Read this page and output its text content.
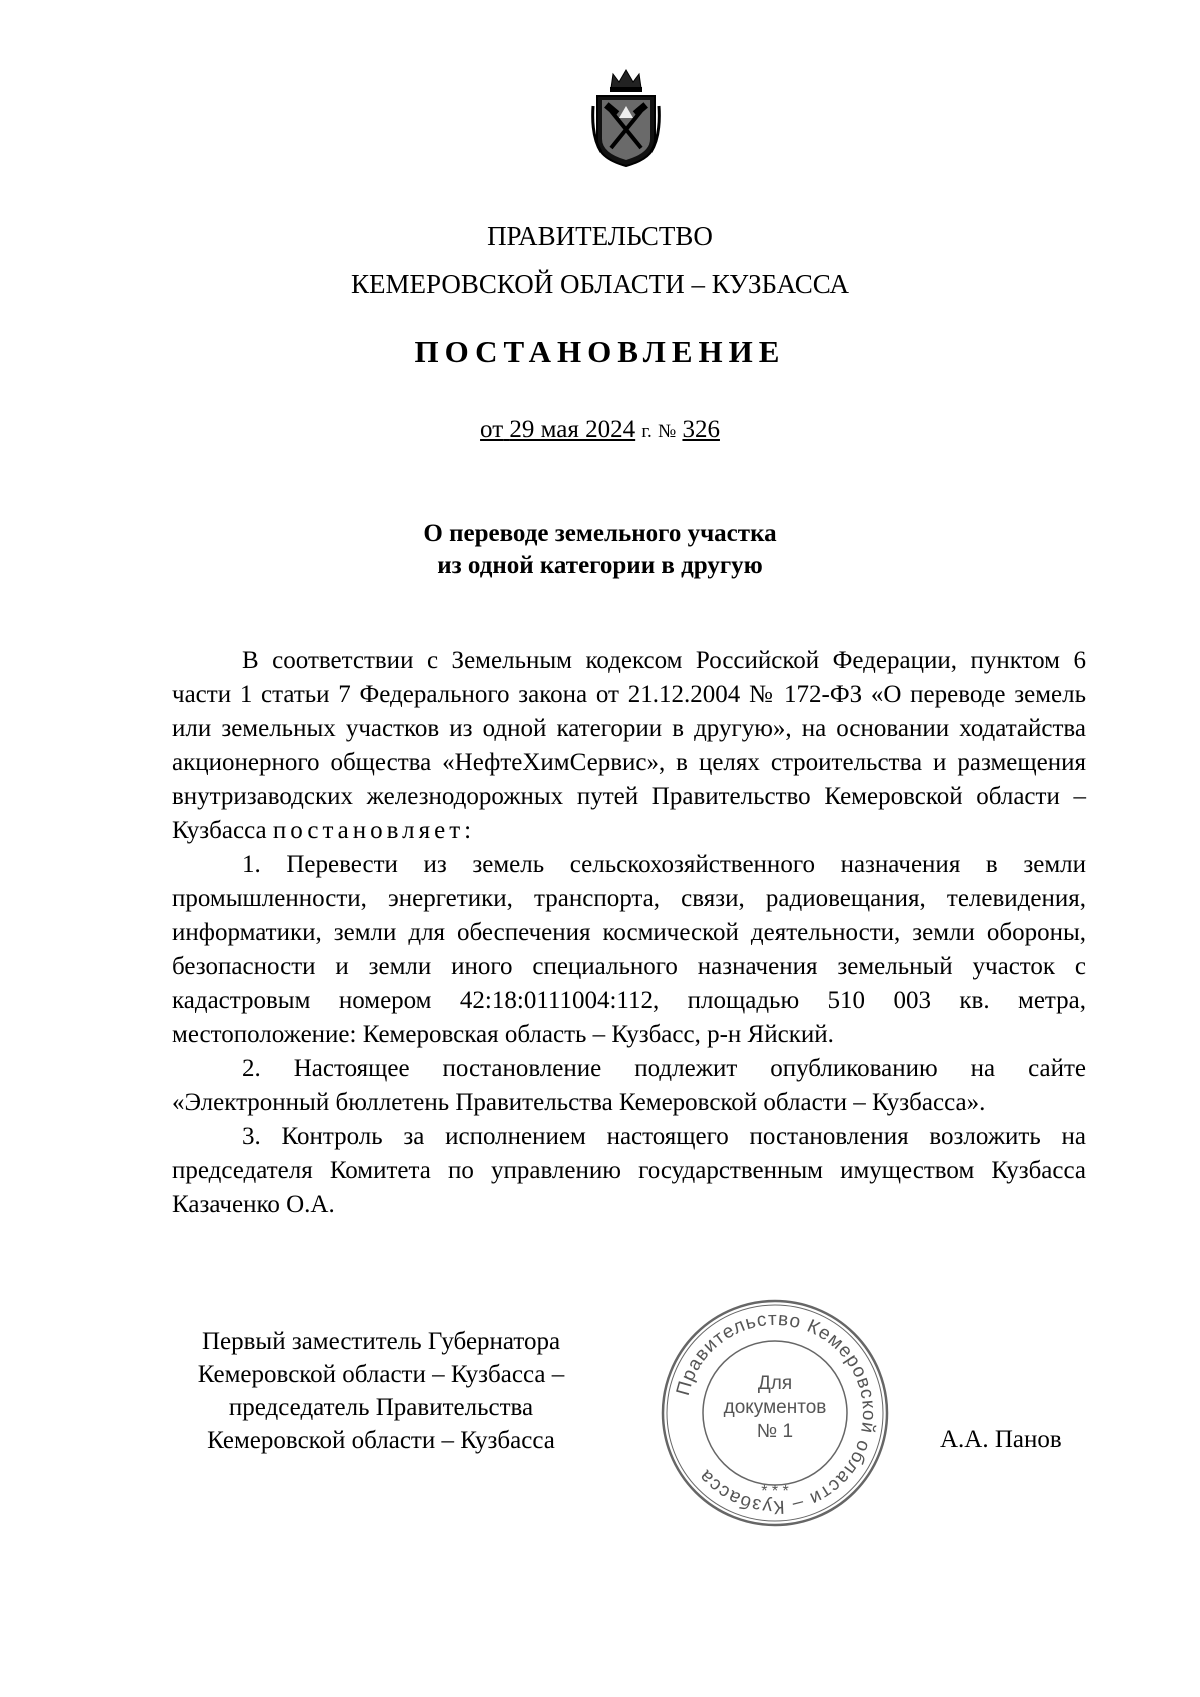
ПРАВИТЕЛЬСТВО
КЕМЕРОВСКОЙ ОБЛАСТИ – КУЗБАССА
ПОСТАНОВЛЕНИЕ
от 29 мая 2024 г. № 326
О переводе земельного участка
из одной категории в другую

В соответствии с Земельным кодексом Российской Федерации, пунктом 6 части 1 статьи 7 Федерального закона от 21.12.2004 № 172-ФЗ «О переводе земель или земельных участков из одной категории в другую», на основании ходатайства акционерного общества «НефтеХимСервис», в целях строительства и размещения внутризаводских железнодорожных путей Правительство Кемеровской области – Кузбасса постановляет:

1. Перевести из земель сельскохозяйственного назначения в земли промышленности, энергетики, транспорта, связи, радиовещания, телевидения, информатики, земли для обеспечения космической деятельности, земли обороны, безопасности и земли иного специального назначения земельный участок с кадастровым номером 42:18:0111004:112, площадью 510 003 кв. метра, местоположение: Кемеровская область – Кузбасс, р-н Яйский.

2. Настоящее постановление подлежит опубликованию на сайте «Электронный бюллетень Правительства Кемеровской области – Кузбасса».

3. Контроль за исполнением настоящего постановления возложить на председателя Комитета по управлению государственным имуществом Кузбасса Казаченко О.А.

Первый заместитель Губернатора
Кемеровской области – Кузбасса –
председатель Правительства
Кемеровской области – Кузбасса
Правительство Кемеровской области – Кузбасса
* * *
Для
документов
№ 1	А.А. Панов
